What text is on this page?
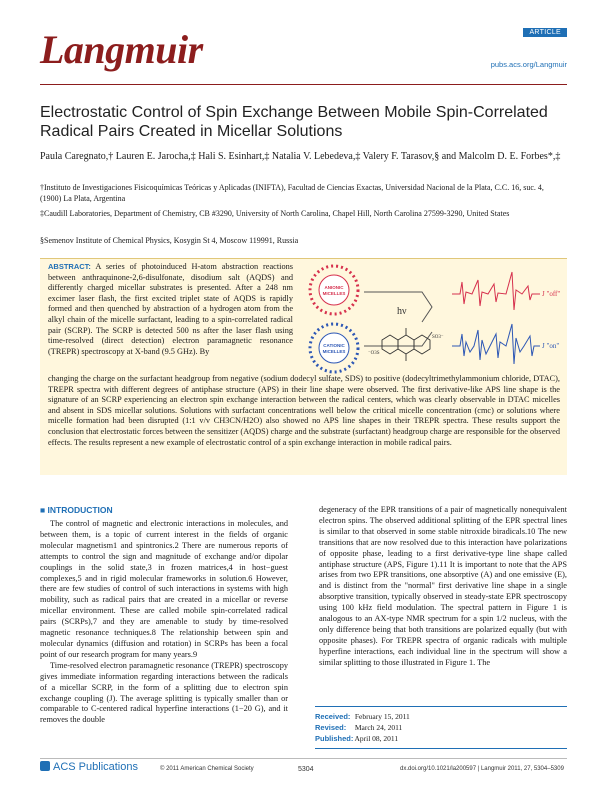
Langmuir	ARTICLE
pubs.acs.org/Langmuir
Electrostatic Control of Spin Exchange Between Mobile Spin-Correlated Radical Pairs Created in Micellar Solutions
Paula Caregnato,† Lauren E. Jarocha,‡ Hali S. Esinhart,‡ Natalia V. Lebedeva,‡ Valery F. Tarasov,§ and Malcolm D. E. Forbes*,‡
†Instituto de Investigaciones Fisicoquímicas Teóricas y Aplicadas (INIFTA), Facultad de Ciencias Exactas, Universidad Nacional de la Plata, C.C. 16, suc. 4, (1900) La Plata, Argentina
‡Caudill Laboratories, Department of Chemistry, CB #3290, University of North Carolina, Chapel Hill, North Carolina 27599-3290, United States
§Semenov Institute of Chemical Physics, Kosygin St 4, Moscow 119991, Russia
ABSTRACT: A series of photoinduced H-atom abstraction reactions between anthraquinone-2,6-disulfonate, disodium salt (AQDS) and differently charged micellar substrates is presented. After a 248 nm excimer laser flash, the first excited triplet state of AQDS is rapidly formed and then quenched by abstraction of a hydrogen atom from the alkyl chain of the micelle surfactant, leading to a spin-correlated radical pair (SCRP). The SCRP is detected 500 ns after the laser flash using time-resolved (direct detection) electron paramagnetic resonance (TREPR) spectroscopy at X-band (9.5 GHz). By
changing the charge on the surfactant headgroup from negative (sodium dodecyl sulfate, SDS) to positive (dodecyltrimethylammonium chloride, DTAC), TREPR spectra with different degrees of antiphase structure (APS) in their line shape were observed. The first derivative-like APS line shape is the signature of an SCRP experiencing an electron spin exchange interaction between the radical centers, which was clearly observable in DTAC micelles and absent in SDS micellar solutions. Solutions with surfactant concentrations well below the critical micelle concentration (cmc) or solutions where micelle formation had been disrupted (1:1 v/v CH3CN/H2O) also showed no APS line shapes in their TREPR spectra. These results support the conclusion that electrostatic forces between the sensitizer (AQDS) charge and the substrate (surfactant) headgroup charge are responsible for the observed effects. The results represent a new example of electrostatic control of a spin exchange interaction in mobile radical pairs.
ANIONIC
MICELLES
CATIONIC
MICELLES
hν
SO3⁻
⁻O3S
J "off"
J "on"
■ INTRODUCTION

The control of magnetic and electronic interactions in molecules, and between them, is a topic of current interest in the fields of organic molecular magnetism1 and spintronics.2 There are numerous reports of attempts to control the sign and magnitude of exchange and/or dipolar couplings in the solid state,3 in frozen matrices,4 in host−guest complexes,5 and in rigid molecular frameworks in solution.6 However, there are few studies of control of such interactions in systems with high mobility, such as radical pairs that are created in a micellar or reverse micellar environment. These are called mobile spin-correlated radical pairs (SCRPs),7 and they are amenable to study by time-resolved magnetic resonance techniques.8 The relationship between spin and molecular dynamics (diffusion and rotation) in SCRPs has been a focal point of our research program for many years.9

Time-resolved electron paramagnetic resonance (TREPR) spectroscopy gives immediate information regarding interactions between the radicals of a micellar SCRP, in the form of a splitting due to electron spin exchange coupling (J). The average splitting is typically smaller than or comparable to C-centered radical hyperfine interactions (1−20 G), and it removes the double

degeneracy of the EPR transitions of a pair of magnetically nonequivalent electron spins. The observed additional splitting of the EPR spectral lines is similar to that observed in some stable nitroxide biradicals.10 The new transitions that are now resolved due to this interaction have polarizations of opposite phase, leading to a first derivative-type line shape called antiphase structure (APS, Figure 1).11 It is important to note that the APS arises from two EPR transitions, one absorptive (A) and one emissive (E), and is distinct from the "normal" first derivative line shape in a single absorptive transition, typically observed in steady-state EPR spectroscopy using 100 kHz field modulation. The spectral pattern in Figure 1 is analogous to an AX-type NMR spectrum for a spin 1/2 nucleus, with the only difference being that both transitions are polarized equally (but with opposite phases). For TREPR spectra of organic radicals with multiple hyperfine interactions, each individual line in the spectrum will show a similar splitting to those illustrated in Figure 1. The

Received: February 15, 2011
Revised: March 24, 2011
Published: April 08, 2011
ACS Publications	© 2011 American Chemical Society	5304	dx.doi.org/10.1021/la200597 | Langmuir 2011, 27, 5304–5309
